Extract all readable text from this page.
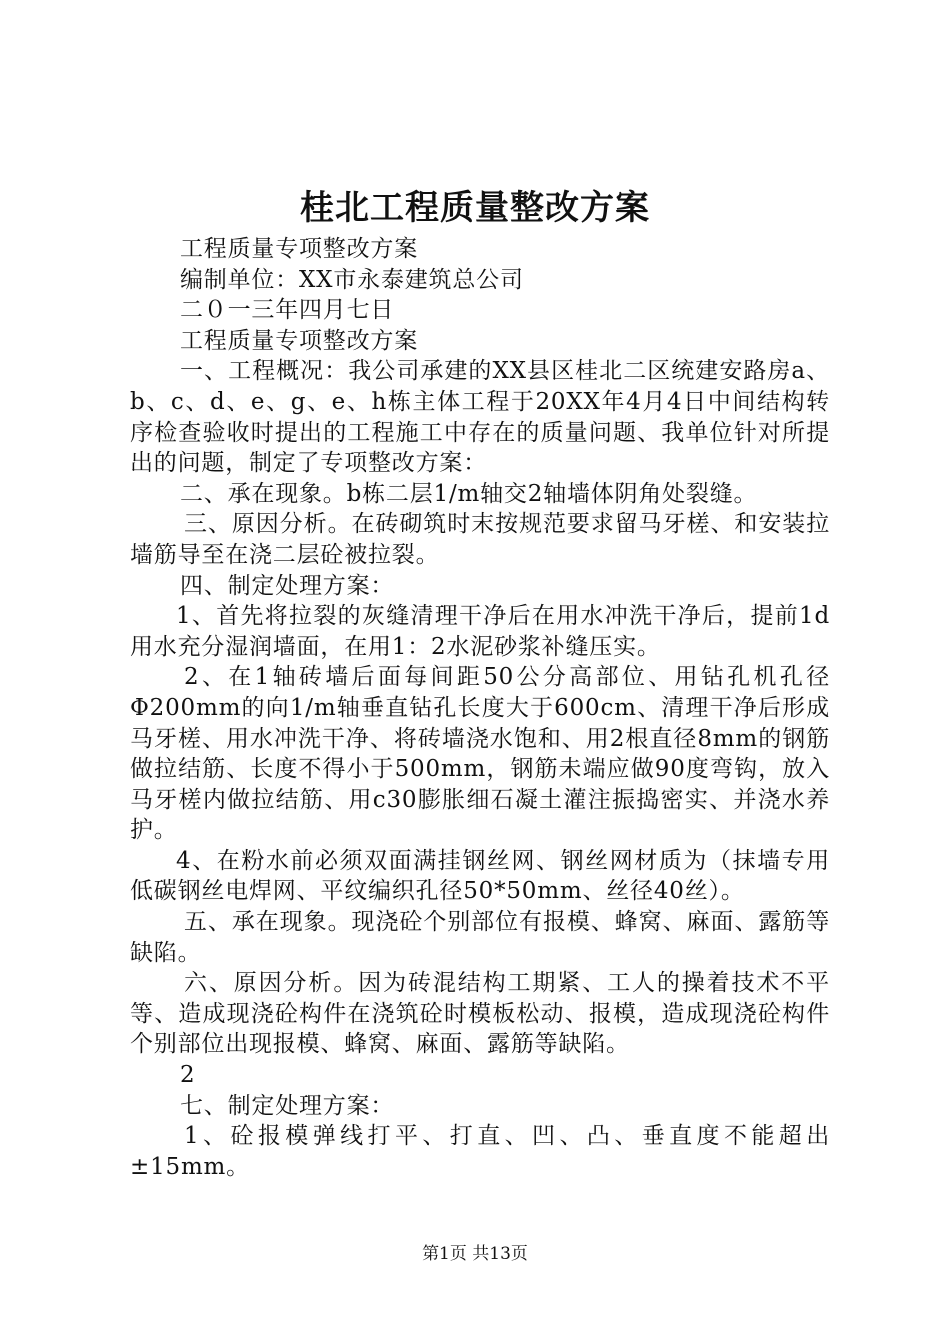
桂北工程质量整改方案

工程质量专项整改方案

编制单位：XX市永泰建筑总公司

二０一三年四月七日

工程质量专项整改方案

一、工程概况：我公司承建的XX县区桂北二区统建安路房a、b、c、d、e、g、e、h栋主体工程于20XX年4月4日中间结构转序检查验收时提出的工程施工中存在的质量问题、我单位针对所提出的问题，制定了专项整改方案：

二、承在现象。b栋二层1/m轴交2轴墙体阴角处裂缝。

三、原因分析。在砖砌筑时末按规范要求留马牙槎、和安装拉墙筋导至在浇二层砼被拉裂。

四、制定处理方案：

1、首先将拉裂的灰缝清理干净后在用水冲洗干净后，提前1d用水充分湿润墙面，在用1：2水泥砂浆补缝压实。

2、在1轴砖墙后面每间距50公分高部位、用钻孔机孔径Φ200mm的向1/m轴垂直钻孔长度大于600cm、清理干净后形成马牙槎、用水冲洗干净、将砖墙浇水饱和、用2根直径8mm的钢筋做拉结筋、长度不得小于500mm，钢筋未端应做90度弯钩，放入马牙槎内做拉结筋、用c30膨胀细石凝土灌注振捣密实、并浇水养护。

4、在粉水前必须双面满挂钢丝网、钢丝网材质为（抹墙专用低碳钢丝电焊网、平纹编织孔径50*50mm、丝径40丝）。

五、承在现象。现浇砼个别部位有报模、蜂窝、麻面、露筋等缺陷。

六、原因分析。因为砖混结构工期紧、工人的操着技术不平等、造成现浇砼构件在浇筑砼时模板松动、报模，造成现浇砼构件个别部位出现报模、蜂窝、麻面、露筋等缺陷。

2

七、制定处理方案：

1、砼报模弹线打平、打直、凹、凸、垂直度不能超出±15mm。

第1页 共13页
